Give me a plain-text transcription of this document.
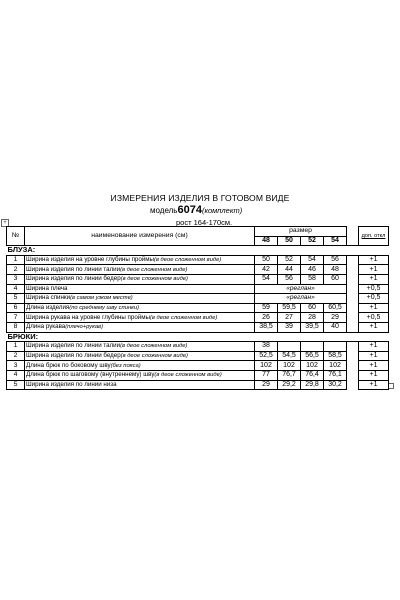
ИЗМЕРЕНИЯ ИЗДЕЛИЯ В ГОТОВОМ ВИДЕ
модель6074(комплект)
рост 164-170см.
+
№	наименование измерения (см)	размер					доп. откл
		48	50	52	54		
БЛУЗА:							
1	Ширина изделия на уровне глубины проймы(в деое сложенном виде)	50	52	54	56		+1
2	Ширина изделия по линии талии(в деое сложенном виде)	42	44	46	48		+1
3	Ширина изделия по линии бедер(в деое сложенном виде)	54	56	58	60		+1
4	Ширина плеча	«реглан»					+0,5
5	Ширина спинки(в самом узком месте)	«реглан»					+0,5
6	Длина изделия(по среднему шву спинки)	59	59,5	60	60,5		+1
7	Ширина рукава на уровне глубины проймы(в деое сложенном виде)	26	27	28	29		+0,5
8	Длина рукава(плечо+рукав)	38,5	39	39,5	40		+1
БРЮКИ:							
1	Ширина изделия по линии талии(в деое сложенном виде)	38					+1
2	Ширина изделия по линии бедер(в деое сложенном виде)	52,5	54,5	56,5	58,5		+1
3	Длина брюк по боковому шву(без пояса)	102	102	102	102		+1
4	Длина брюк по шаговому (внутреннему) шву(в деое сложенном виде)	77	76,7	76,4	76,1		+1
5	Ширина изделия по линии низа	29	29,2	29,8	30,2		+1
